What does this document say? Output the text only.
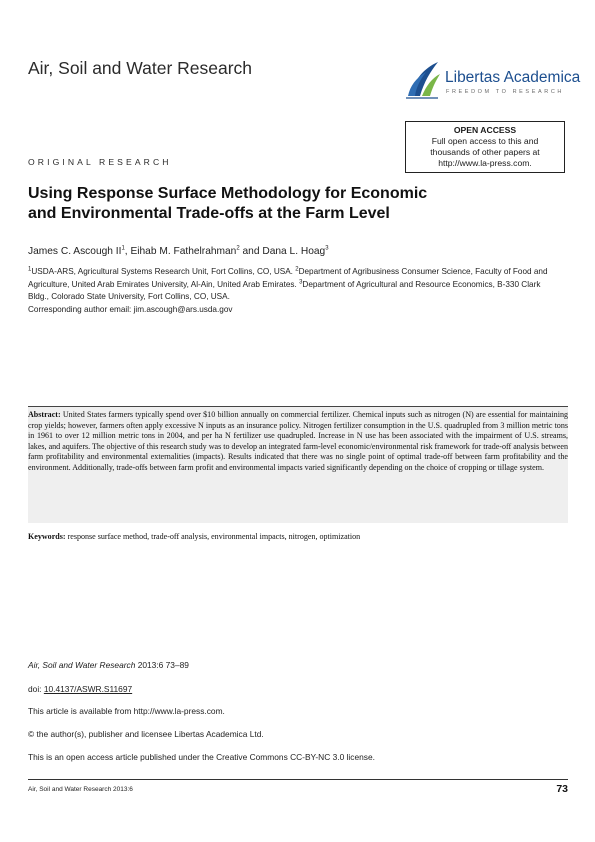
Air, Soil and Water Research	Libertas Academica
FREEDOM TO RESEARCH
OPEN ACCESS
Full open access to this and
thousands of other papers at
http://www.la-press.com.
ORIGINAL RESEARCH
Using Response Surface Methodology for Economic
and Environmental Trade-offs at the Farm Level
James C. Ascough $II^1$, Eihab M. Fathelrahman$^2$ and Dana L. Hoag$^3$
$^1$USDA-ARS, Agricultural Systems Research Unit, Fort Collins, CO, USA. $^2$Department of Agribusiness Consumer Science, Faculty of Food and Agriculture, United Arab Emirates University, Al-Ain, United Arab Emirates. $^3$Department of Agricultural and Resource Economics, B-330 Clark Bldg., Colorado State University, Fort Collins, CO, USA.
Corresponding author email: jim.ascough@ars.usda.gov
Abstract: United States farmers typically spend over $10 billion annually on commercial fertilizer. Chemical inputs such as nitrogen (N) are essential for maintaining crop yields; however, farmers often apply excessive N inputs as an insurance policy. Nitrogen fertilizer consumption in the U.S. quadrupled from 3 million metric tons in 1961 to over 12 million metric tons in 2004, and per ha N fertilizer use quadrupled. Increase in N use has been associated with the impairment of U.S. streams, lakes, and aquifers. The objective of this research study was to develop an integrated farm-level economic/environmental risk framework for trade-off analysis between farm profitability and environmental externalities (impacts). Results indicated that there was no single point of optimal trade-off between farm profitability and the environment. Additionally, trade-offs between farm profit and environmental impacts varied significantly depending on the choice of cropping or tillage system.
Keywords: response surface method, trade-off analysis, environmental impacts, nitrogen, optimization
Air, Soil and Water Research 2013:6 73–89
doi: 10.4137/ASWR.S11697
This article is available from http://www.la-press.com.
© the author(s), publisher and licensee Libertas Academica Ltd.
This is an open access article published under the Creative Commons CC-BY-NC 3.0 license.
Air, Soil and Water Research 2013:6	73
